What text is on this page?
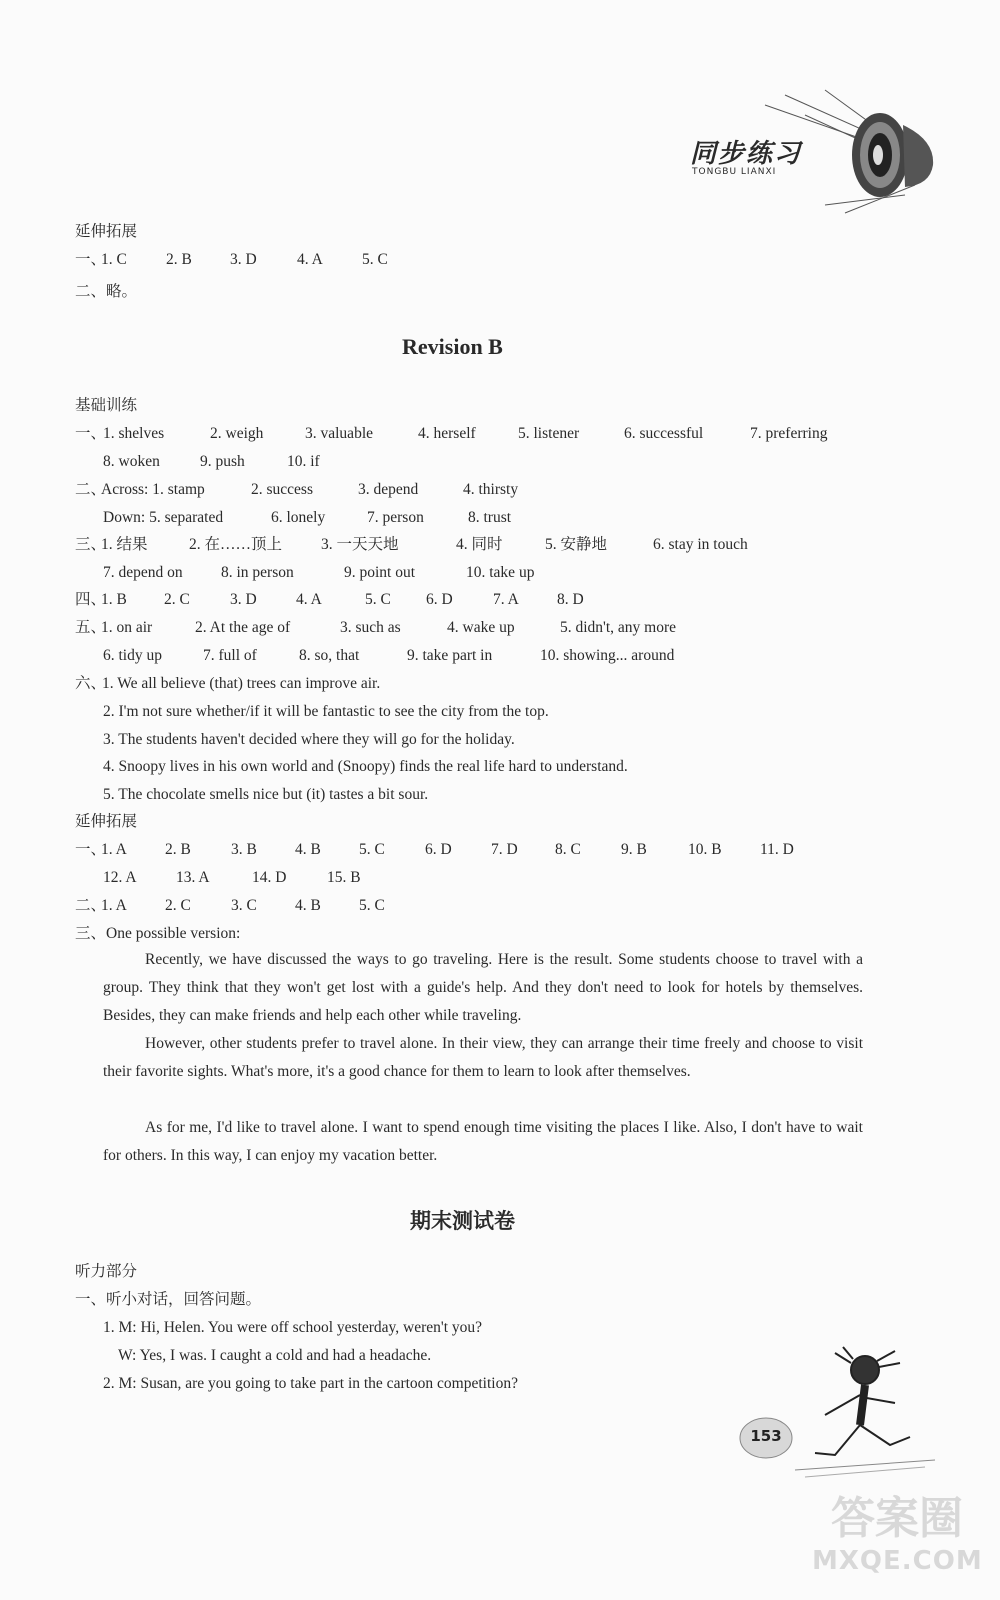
同步练习
TONGBU LIANXI
延伸拓展
一、
1. C	2. B 3. D	4. A	5. C
二、略。
Revision B
基础训练
一、
1. shelves	2. weigh	3. valuable	4. herself	5. listener	6. successful	7. preferring
8. woken	9. push	10. if
二、
Across: 1. stamp	2. success	3. depend	4. thirsty
Down: 5. separated	6. lonely	7. person	8. trust
三、
1. 结果	2. 在……顶上	3. 一天天地	4. 同时	5. 安静地	6. stay in touch
7. depend on 8. in person	9. point out	10. take up
四、
1. B 2. C	3. D	4. A	5. C 6. D	7. A 8. D
五、
1. on air	2. At the age of	3. such as	4. wake up	5. didn't, any more
6. tidy up	7. full of	8. so, that	9. take part in	10. showing... around
六、
1. We all believe (that) trees can improve air.
2. I'm not sure whether/if it will be fantastic to see the city from the top.
3. The students haven't decided where they will go for the holiday.
4. Snoopy lives in his own world and (Snoopy) finds the real life hard to understand.
5. The chocolate smells nice but (it) tastes a bit sour.
延伸拓展
一、
1. A 2. B	3. B 4. B 5. C	6. D	7. D 8. C	9. B	10. B 11. D
12. A	13. A	14. D	15. B
二、
1. A 2. C	3. C 4. B 5. C
三、One possible version:
Recently, we have discussed the ways to go traveling. Here is the result. Some students choose to travel with a group. They think that they won't get lost with a guide's help. And they don't need to look for hotels by themselves. Besides, they can make friends and help each other while traveling.
However, other students prefer to travel alone. In their view, they can arrange their time freely and choose to visit their favorite sights. What's more, it's a good chance for them to learn to look after themselves.
As for me, I'd like to travel alone. I want to spend enough time visiting the places I like. Also, I don't have to wait for others. In this way, I can enjoy my vacation better.
期末测试卷
听力部分
一、听小对话，回答问题。
1. M: Hi, Helen. You were off school yesterday, weren't you?
W: Yes, I was. I caught a cold and had a headache.
2. M: Susan, are you going to take part in the cartoon competition?
153
答案圈
MXQE.COM
